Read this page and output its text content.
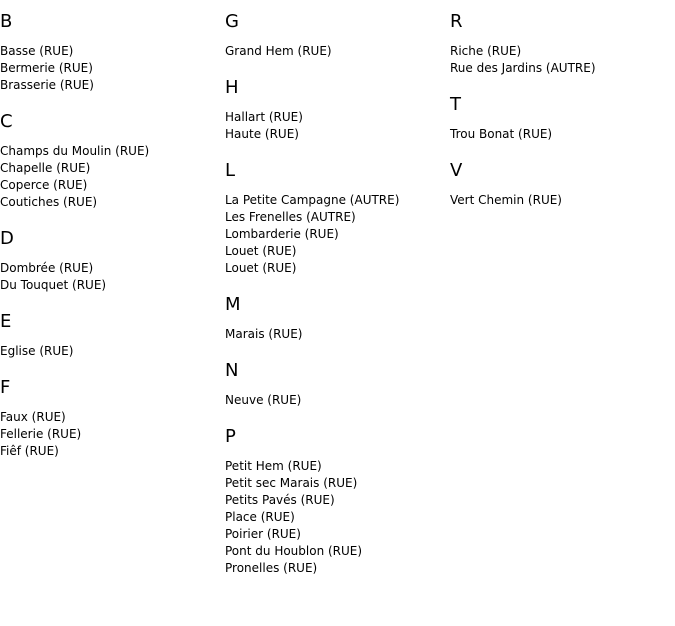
B
Basse (RUE)
Bermerie (RUE)
Brasserie (RUE)
C
Champs du Moulin (RUE)
Chapelle (RUE)
Coperce (RUE)
Coutiches (RUE)
D
Dombrée (RUE)
Du Touquet (RUE)
E
Eglise (RUE)
F
Faux (RUE)
Fellerie (RUE)
Fiêf (RUE)
G
Grand Hem (RUE)
H
Hallart (RUE)
Haute (RUE)
L
La Petite Campagne (AUTRE)
Les Frenelles (AUTRE)
Lombarderie (RUE)
Louet (RUE)
Louet (RUE)
M
Marais (RUE)
N
Neuve (RUE)
P
Petit Hem (RUE)
Petit sec Marais (RUE)
Petits Pavés (RUE)
Place (RUE)
Poirier (RUE)
Pont du Houblon (RUE)
Pronelles (RUE)
R
Riche (RUE)
Rue des Jardins (AUTRE)
T
Trou Bonat (RUE)
V
Vert Chemin (RUE)
